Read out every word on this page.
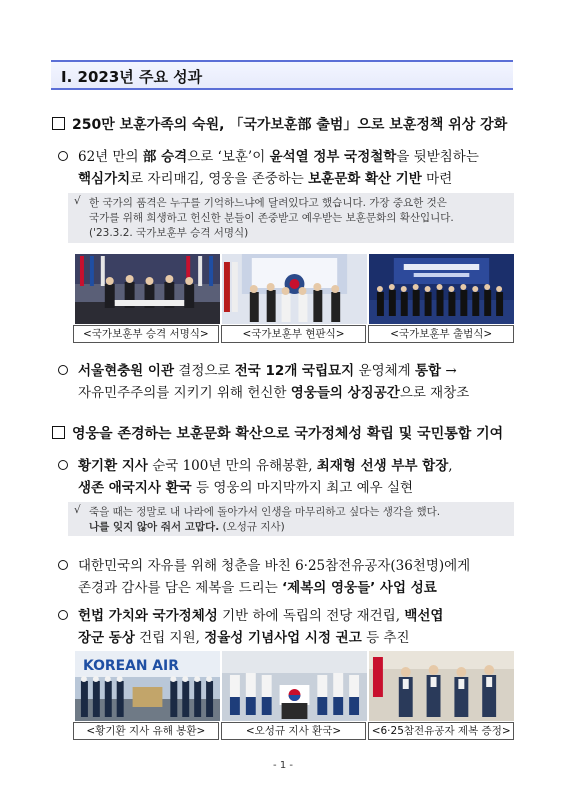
I. 2023년 주요 성과
250만 보훈가족의 숙원, 「국가보훈部 출범」으로 보훈정책 위상 강화
62년 만의 部 승격으로 ‘보훈’이 윤석열 정부 국정철학을 뒷받침하는
핵심가치로 자리매김, 영웅을 존중하는 보훈문화 확산 기반 마련
√ 한 국가의 품격은 누구를 기억하느냐에 달려있다고 했습니다. 가장 중요한 것은
국가를 위해 희생하고 헌신한 분들이 존중받고 예우받는 보훈문화의 확산입니다.
('23.3.2. 국가보훈부 승격 서명식)
<국가보훈부 승격 서명식>	<국가보훈부 현판식>	<국가보훈부 출범식>
서울현충원 이관 결정으로 전국 12개 국립묘지 운영체계 통합 →
자유민주주의를 지키기 위해 헌신한 영웅들의 상징공간으로 재창조
영웅을 존경하는 보훈문화 확산으로 국가정체성 확립 및 국민통합 기여
황기환 지사 순국 100년 만의 유해봉환, 최재형 선생 부부 합장,
생존 애국지사 환국 등 영웅의 마지막까지 최고 예우 실현
√ 죽을 때는 정말로 내 나라에 돌아가서 인생을 마무리하고 싶다는 생각을 했다.
나를 잊지 않아 줘서 고맙다. (오성규 지사)
대한민국의 자유를 위해 청춘을 바친 6·25참전유공자(36천명)에게
존경과 감사를 담은 제복을 드리는 ‘제복의 영웅들’ 사업 성료
헌법 가치와 국가정체성 기반 하에 독립의 전당 재건립, 백선엽
장군 동상 건립 지원, 정율성 기념사업 시정 권고 등 추진
KOREAN AIR
<황기환 지사 유해 봉환>	<오성규 지사 환국>	<6·25참전유공자 제복 증정>
- 1 -
